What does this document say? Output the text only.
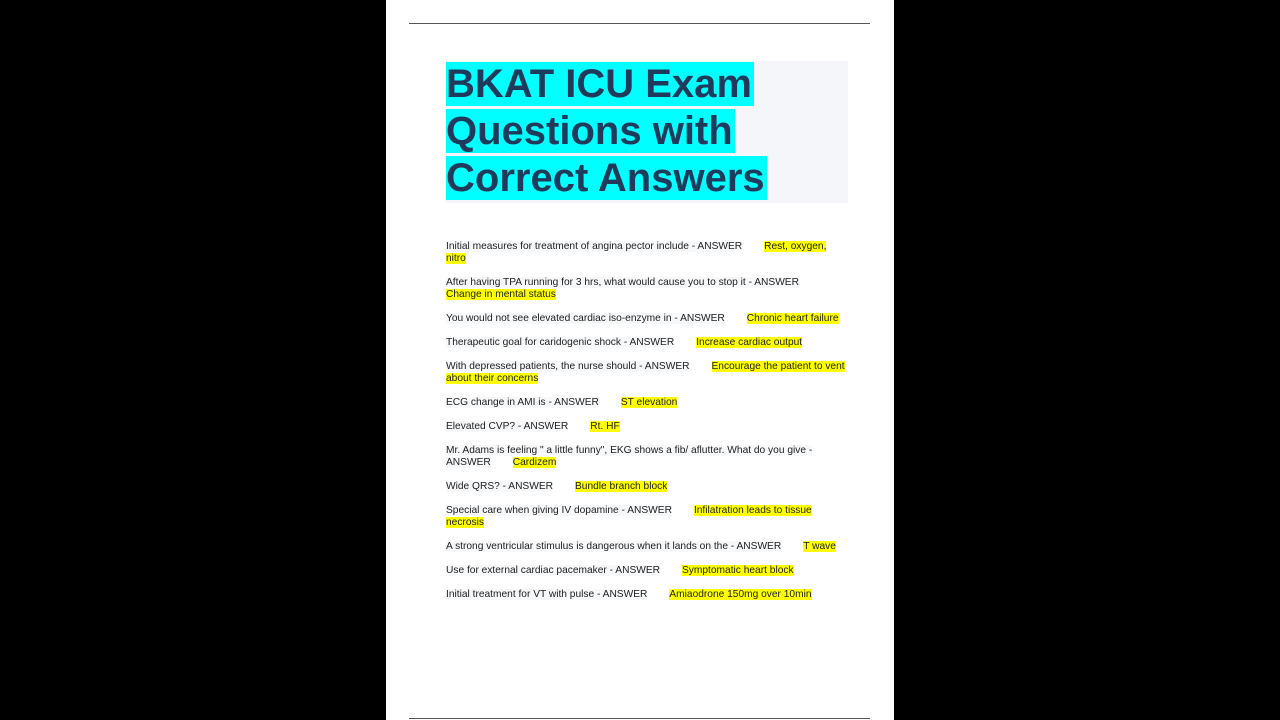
BKAT ICU Exam
Questions with
Correct Answers

Initial measures for treatment of angina pector include - ANSWER Rest, oxygen, nitro

After having TPA running for 3 hrs, what would cause you to stop it - ANSWERChange in mental status

You would not see elevated cardiac iso-enzyme in - ANSWER Chronic heart failure

Therapeutic goal for caridogenic shock - ANSWER Increase cardiac output

With depressed patients, the nurse should - ANSWER Encourage the patient to vent about their concerns

ECG change in AMI is - ANSWER ST elevation

Elevated CVP? - ANSWER Rt. HF

Mr. Adams is feeling " a little funny", EKG shows a fib/ aflutter. What do you give - ANSWER Cardizem

Wide QRS? - ANSWER Bundle branch block

Special care when giving IV dopamine - ANSWER Infilatration leads to tissue necrosis

A strong ventricular stimulus is dangerous when it lands on the - ANSWER T wave

Use for external cardiac pacemaker - ANSWER Symptomatic heart block

Initial treatment for VT with pulse - ANSWER Amiaodrone 150mg over 10min
